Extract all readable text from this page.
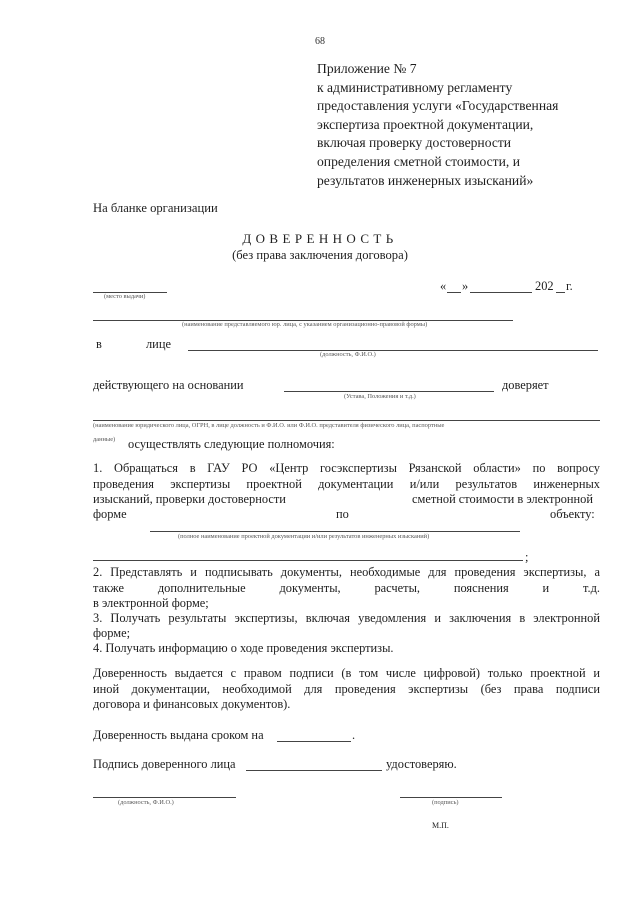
68
Приложение № 7
к административному регламенту
предоставления услуги «Государственная
экспертиза проектной документации,
включая проверку достоверности
определения сметной стоимости, и
результатов инженерных изысканий»
На бланке организации
ДОВЕРЕННОСТЬ
(без права заключения договора)
(место выдачи)
« »	202 г.
(наименование представляемого юр. лица, с указанием организационно-правовой формы)
в	лице
(должность, Ф.И.О.)
действующего на основании	доверяет
(Устава, Положения и т.д.)
(наименование юридического лица, ОГРН, в лице должность и Ф.И.О. или Ф.И.О. представителя физического лица, паспортные
данные) осуществлять следующие полномочия:
1. Обращаться в ГАУ РО «Центр госэкспертизы Рязанской области» по вопросу
проведения экспертизы проектной документации и/или результатов инженерных
изысканий, проверки достоверности	сметной стоимости в электронной
форме	по	объекту:
(полное наименование проектной документации и/или результатов инженерных изысканий)
;
2. Представлять и подписывать документы, необходимые для проведения экспертизы, а
также дополнительные документы, расчеты, пояснения и т.д.
в электронной форме;
3. Получать результаты экспертизы, включая уведомления и заключения в электронной
форме;
4. Получать информацию о ходе проведения экспертизы.
Доверенность выдается с правом подписи (в том числе цифровой) только проектной и
иной документации, необходимой для проведения экспертизы (без права подписи
договора и финансовых документов).
Доверенность выдана сроком на	.
Подпись доверенного лица	удостоверяю.
(должность, Ф.И.О.)	(подпись)
М.П.
